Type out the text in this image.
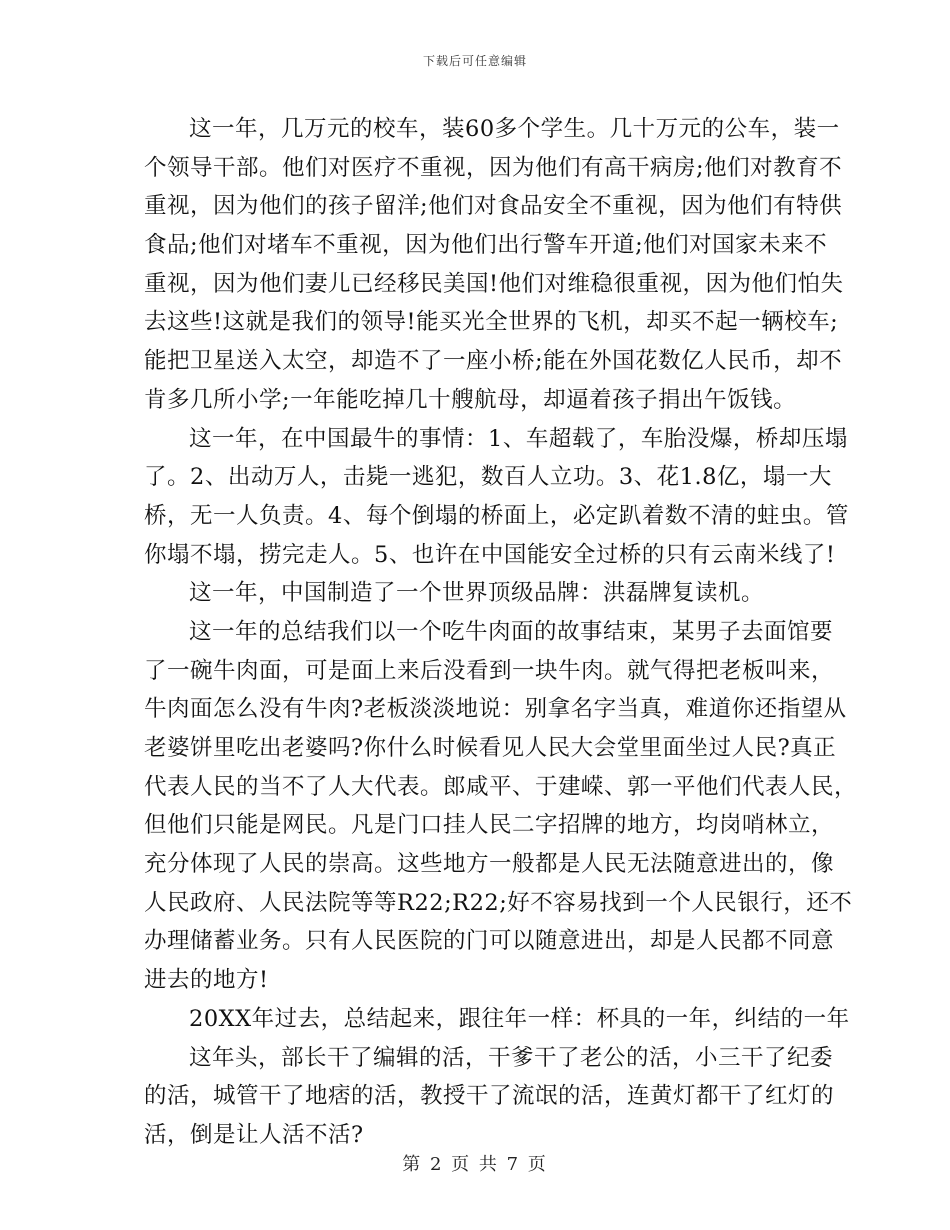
下载后可任意编辑
这一年，几万元的校车，装60多个学生。几十万元的公车，装一
个领导干部。他们对医疗不重视，因为他们有高干病房;他们对教育不
重视，因为他们的孩子留洋;他们对食品安全不重视，因为他们有特供
食品;他们对堵车不重视，因为他们出行警车开道;他们对国家未来不
重视，因为他们妻儿已经移民美国!他们对维稳很重视，因为他们怕失
去这些!这就是我们的领导!能买光全世界的飞机，却买不起一辆校车;
能把卫星送入太空，却造不了一座小桥;能在外国花数亿人民币，却不
肯多几所小学;一年能吃掉几十艘航母，却逼着孩子捐出午饭钱。
这一年，在中国最牛的事情：1、车超载了，车胎没爆，桥却压塌
了。2、出动万人，击毙一逃犯，数百人立功。3、花1.8亿，塌一大
桥，无一人负责。4、每个倒塌的桥面上，必定趴着数不清的蛀虫。管
你塌不塌，捞完走人。5、也许在中国能安全过桥的只有云南米线了!
这一年，中国制造了一个世界顶级品牌：洪磊牌复读机。
这一年的总结我们以一个吃牛肉面的故事结束，某男子去面馆要
了一碗牛肉面，可是面上来后没看到一块牛肉。就气得把老板叫来，
牛肉面怎么没有牛肉?老板淡淡地说：别拿名字当真，难道你还指望从
老婆饼里吃出老婆吗?你什么时候看见人民大会堂里面坐过人民?真正
代表人民的当不了人大代表。郎咸平、于建嵘、郭一平他们代表人民，
但他们只能是网民。凡是门口挂人民二字招牌的地方，均岗哨林立，
充分体现了人民的崇高。这些地方一般都是人民无法随意进出的，像
人民政府、人民法院等等R22;R22;好不容易找到一个人民银行，还不
办理储蓄业务。只有人民医院的门可以随意进出，却是人民都不同意
进去的地方!
20XX年过去，总结起来，跟往年一样：杯具的一年，纠结的一年
这年头，部长干了编辑的活，干爹干了老公的活，小三干了纪委
的活，城管干了地痞的活，教授干了流氓的活，连黄灯都干了红灯的
活，倒是让人活不活?
第 2 页 共 7 页
